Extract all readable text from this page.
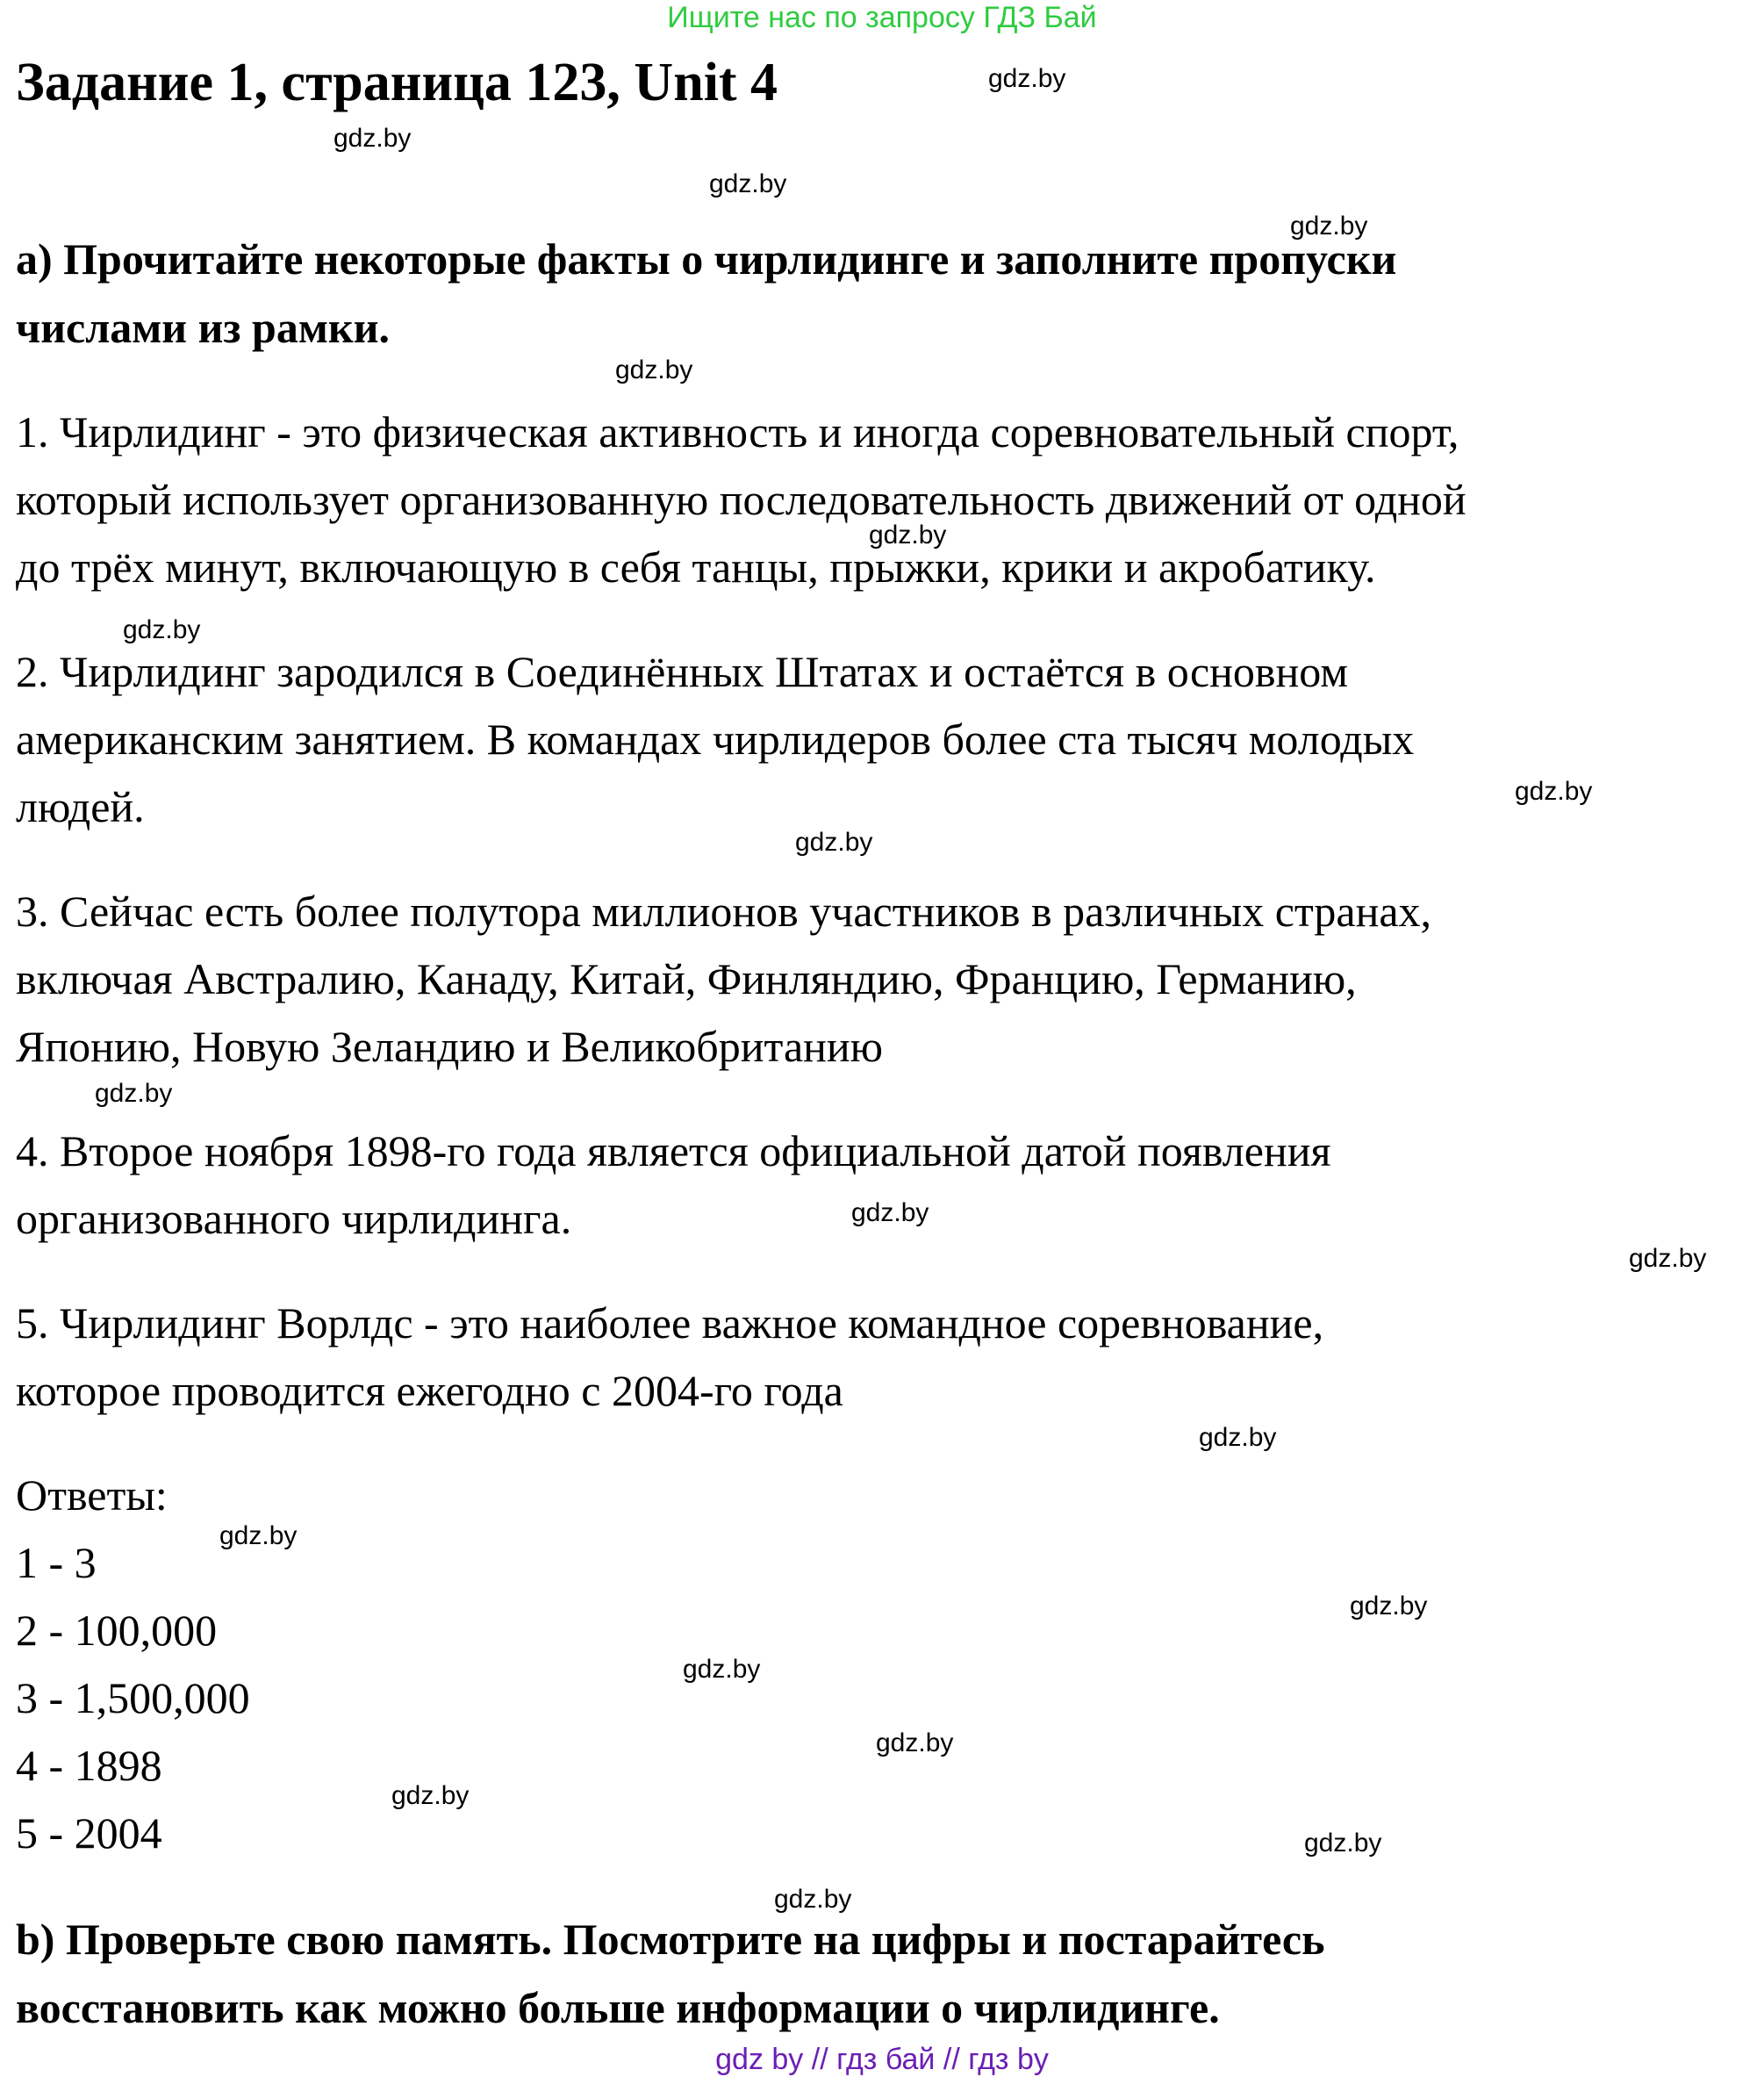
Ищите нас по запросу ГДЗ Бай
Задание 1, страница 123, Unit 4
a) Прочитайте некоторые факты о чирлидинге и заполните пропуски
числами из рамки.
1. Чирлидинг - это физическая активность и иногда соревновательный спорт,
который использует организованную последовательность движений от одной
до трёх минут, включающую в себя танцы, прыжки, крики и акробатику.
2. Чирлидинг зародился в Соединённых Штатах и остаётся в основном
американским занятием. В командах чирлидеров более ста тысяч молодых
людей.
3. Сейчас есть более полутора миллионов участников в различных странах,
включая Австралию, Канаду, Китай, Финляндию, Францию, Германию,
Японию, Новую Зеландию и Великобританию
4. Второе ноября 1898-го года является официальной датой появления
организованного чирлидинга.
5. Чирлидинг Ворлдс - это наиболее важное командное соревнование,
которое проводится ежегодно с 2004-го года
Ответы:
1 - 3
2 - 100,000
3 - 1,500,000
4 - 1898
5 - 2004
b) Проверьте свою память. Посмотрите на цифры и постарайтесь
восстановить как можно больше информации о чирлидинге.
gdz.by
gdz.by
gdz.by
gdz.by
gdz.by
gdz.by
gdz.by
gdz.by
gdz.by
gdz.by
gdz.by
gdz.by
gdz.by
gdz.by
gdz.by
gdz.by
gdz.by
gdz.by
gdz.by
gdz.by
gdz by // гдз бай // гдз by
